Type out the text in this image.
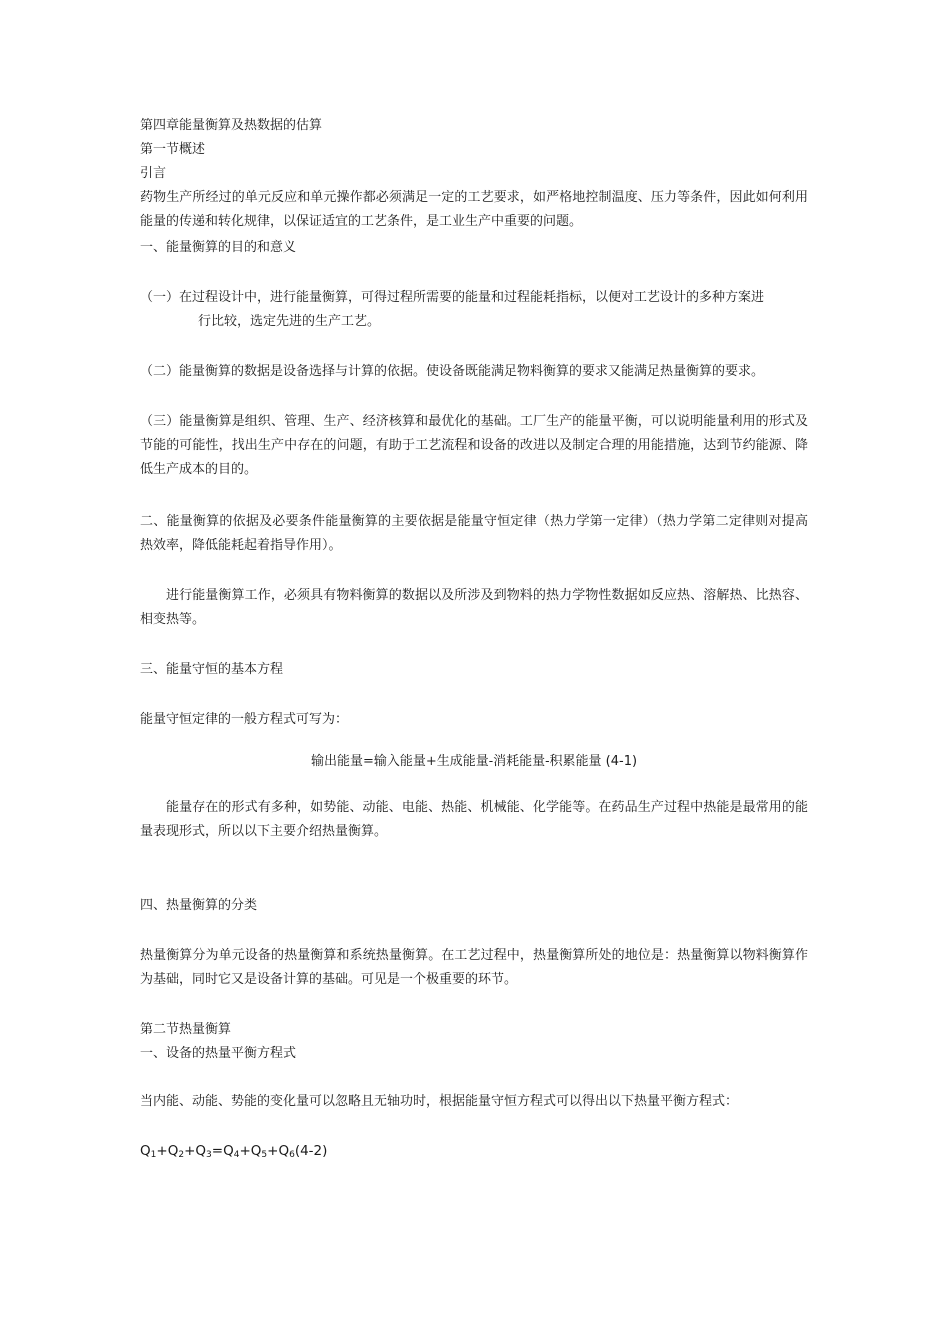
第四章能量衡算及热数据的估算
第一节概述
引言
药物生产所经过的单元反应和单元操作都必须满足一定的工艺要求，如严格地控制温度、压力等条件，因此如何利用能量的传递和转化规律，以保证适宜的工艺条件，是工业生产中重要的问题。
一、能量衡算的目的和意义
（一）在过程设计中，进行能量衡算，可得过程所需要的能量和过程能耗指标，以便对工艺设计的多种方案进
行比较，选定先进的生产工艺。
（二）能量衡算的数据是设备选择与计算的依据。使设备既能满足物料衡算的要求又能满足热量衡算的要求。
（三）能量衡算是组织、管理、生产、经济核算和最优化的基础。工厂生产的能量平衡，可以说明能量利用的形式及节能的可能性，找出生产中存在的问题，有助于工艺流程和设备的改进以及制定合理的用能措施，达到节约能源、降低生产成本的目的。
二、能量衡算的依据及必要条件能量衡算的主要依据是能量守恒定律（热力学第一定律）（热力学第二定律则对提高热效率，降低能耗起着指导作用）。
进行能量衡算工作，必须具有物料衡算的数据以及所涉及到物料的热力学物性数据如反应热、溶解热、比热容、相变热等。
三、能量守恒的基本方程
能量守恒定律的一般方程式可写为：
输出能量=输入能量+生成能量-消耗能量-积累能量 (4-1)
能量存在的形式有多种，如势能、动能、电能、热能、机械能、化学能等。在药品生产过程中热能是最常用的能量表现形式，所以以下主要介绍热量衡算。
四、热量衡算的分类
热量衡算分为单元设备的热量衡算和系统热量衡算。在工艺过程中，热量衡算所处的地位是：热量衡算以物料衡算作为基础，同时它又是设备计算的基础。可见是一个极重要的环节。
第二节热量衡算
一、设备的热量平衡方程式
当内能、动能、势能的变化量可以忽略且无轴功时，根据能量守恒方程式可以得出以下热量平衡方程式：
$Q_1+Q_2+Q_3=Q_4+Q_5+Q_6(4-2)$
